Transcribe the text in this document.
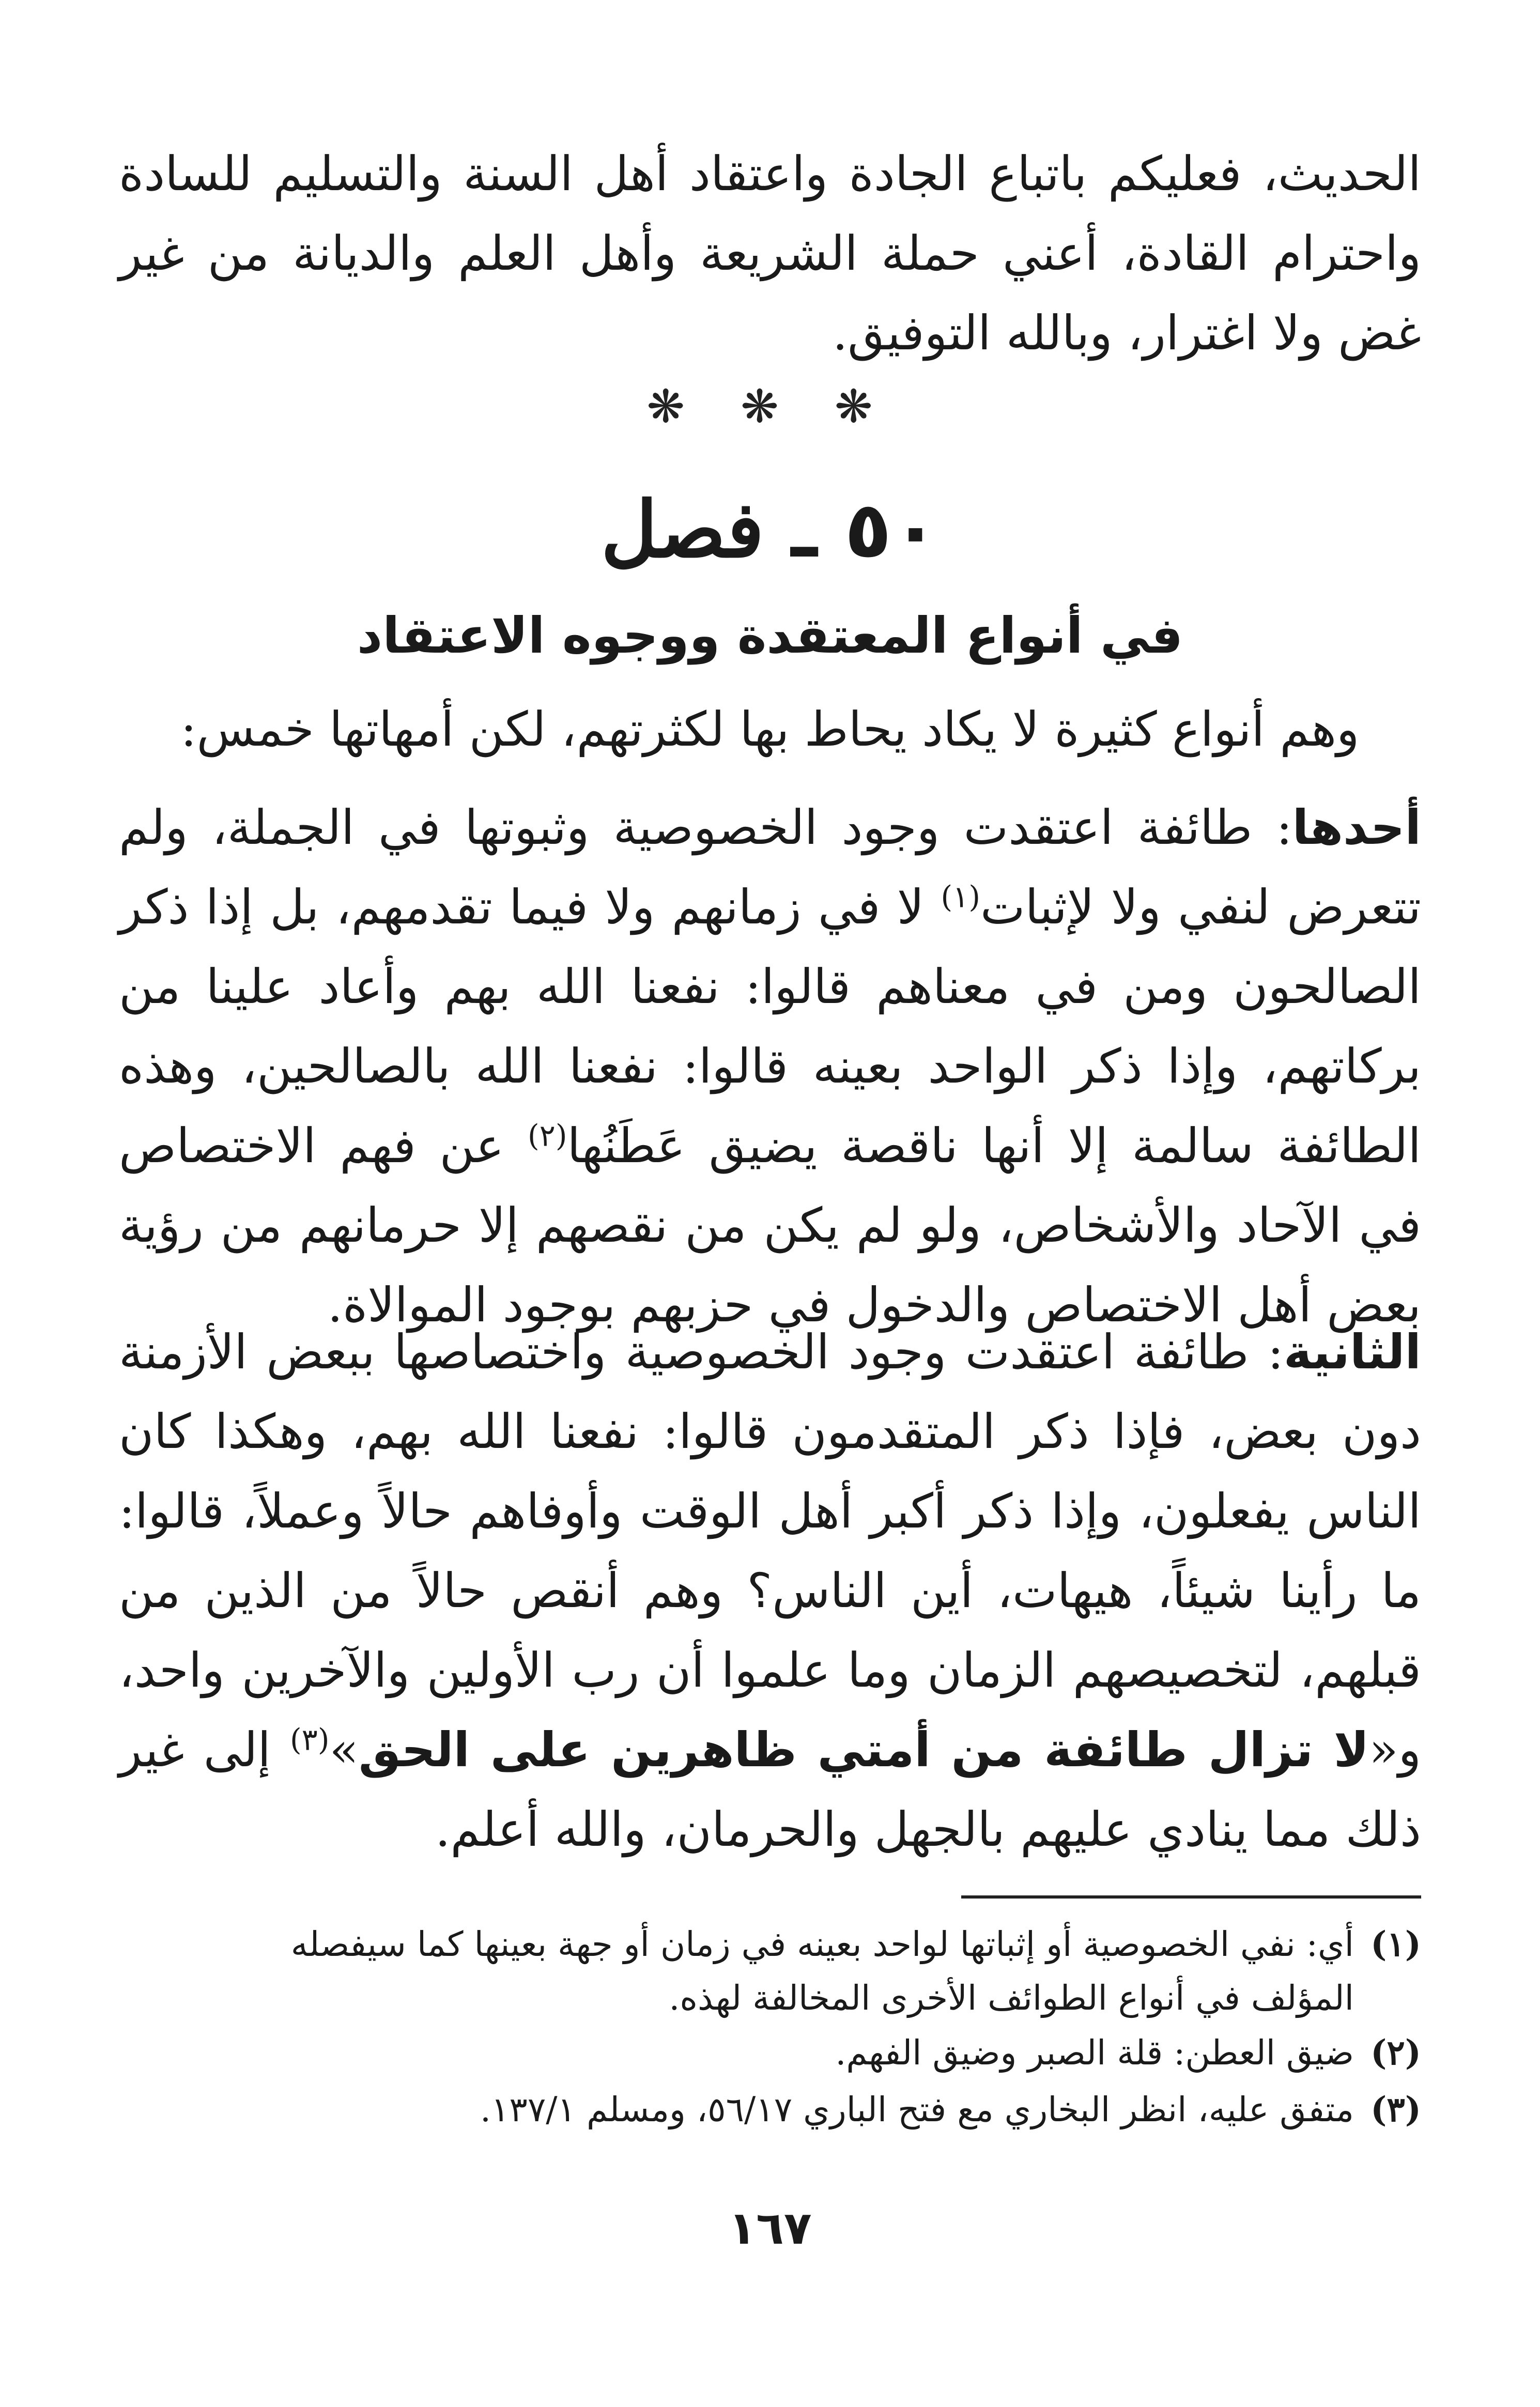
الحديث، فعليكم باتباع الجادة واعتقاد أهل السنة والتسليم للسادة واحترام القادة، أعني حملة الشريعة وأهل العلم والديانة من غير غض ولا اغترار، وبالله التوفيق.

❋ ❋ ❋
٥٠ ـ فصل
في أنواع المعتقدة ووجوه الاعتقاد

وهم أنواع كثيرة لا يكاد يحاط بها لكثرتهم، لكن أمهاتها خمس:

أحدها: طائفة اعتقدت وجود الخصوصية وثبوتها في الجملة، ولم تتعرض لنفي ولا لإثبات$^{(١)}$ لا في زمانهم ولا فيما تقدمهم، بل إذا ذكر الصالحون ومن في معناهم قالوا: نفعنا الله بهم وأعاد علينا من بركاتهم، وإذا ذكر الواحد بعينه قالوا: نفعنا الله بالصالحين، وهذه الطائفة سالمة إلا أنها ناقصة يضيق عَطَنُها$^{(٢)}$ عن فهم الاختصاص في الآحاد والأشخاص، ولو لم يكن من نقصهم إلا حرمانهم من رؤية بعض أهل الاختصاص والدخول في حزبهم بوجود الموالاة.

الثانية: طائفة اعتقدت وجود الخصوصية واختصاصها ببعض الأزمنة دون بعض، فإذا ذكر المتقدمون قالوا: نفعنا الله بهم، وهكذا كان الناس يفعلون، وإذا ذكر أكبر أهل الوقت وأوفاهم حالاً وعملاً، قالوا: ما رأينا شيئاً، هيهات، أين الناس؟ وهم أنقص حالاً من الذين من قبلهم، لتخصيصهم الزمان وما علموا أن رب الأولين والآخرين واحد، و«لا تزال طائفة من أمتي ظاهرين على الحق»$^{(٣)}$ إلى غير ذلك مما ينادي عليهم بالجهل والحرمان، والله أعلم.

(١)أي: نفي الخصوصية أو إثباتها لواحد بعينه في زمان أو جهة بعينها كما سيفصله
المؤلف في أنواع الطوائف الأخرى المخالفة لهذه.
(٢)ضيق العطن: قلة الصبر وضيق الفهم.
(٣)متفق عليه، انظر البخاري مع فتح الباري ٥٦/١٧، ومسلم ١٣٧/١.
١٦٧
